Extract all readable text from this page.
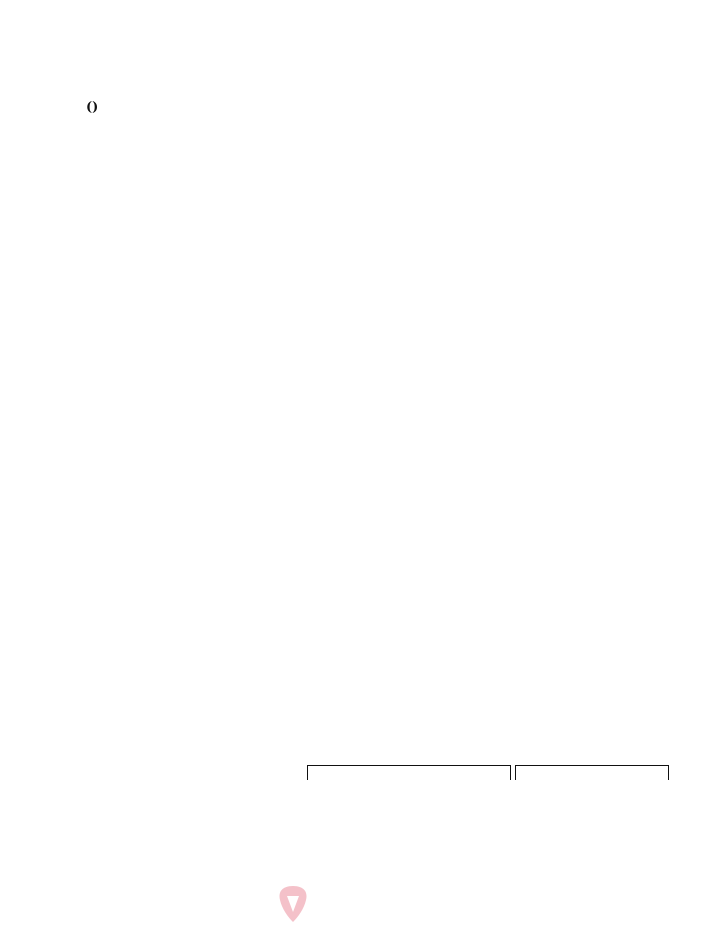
()
